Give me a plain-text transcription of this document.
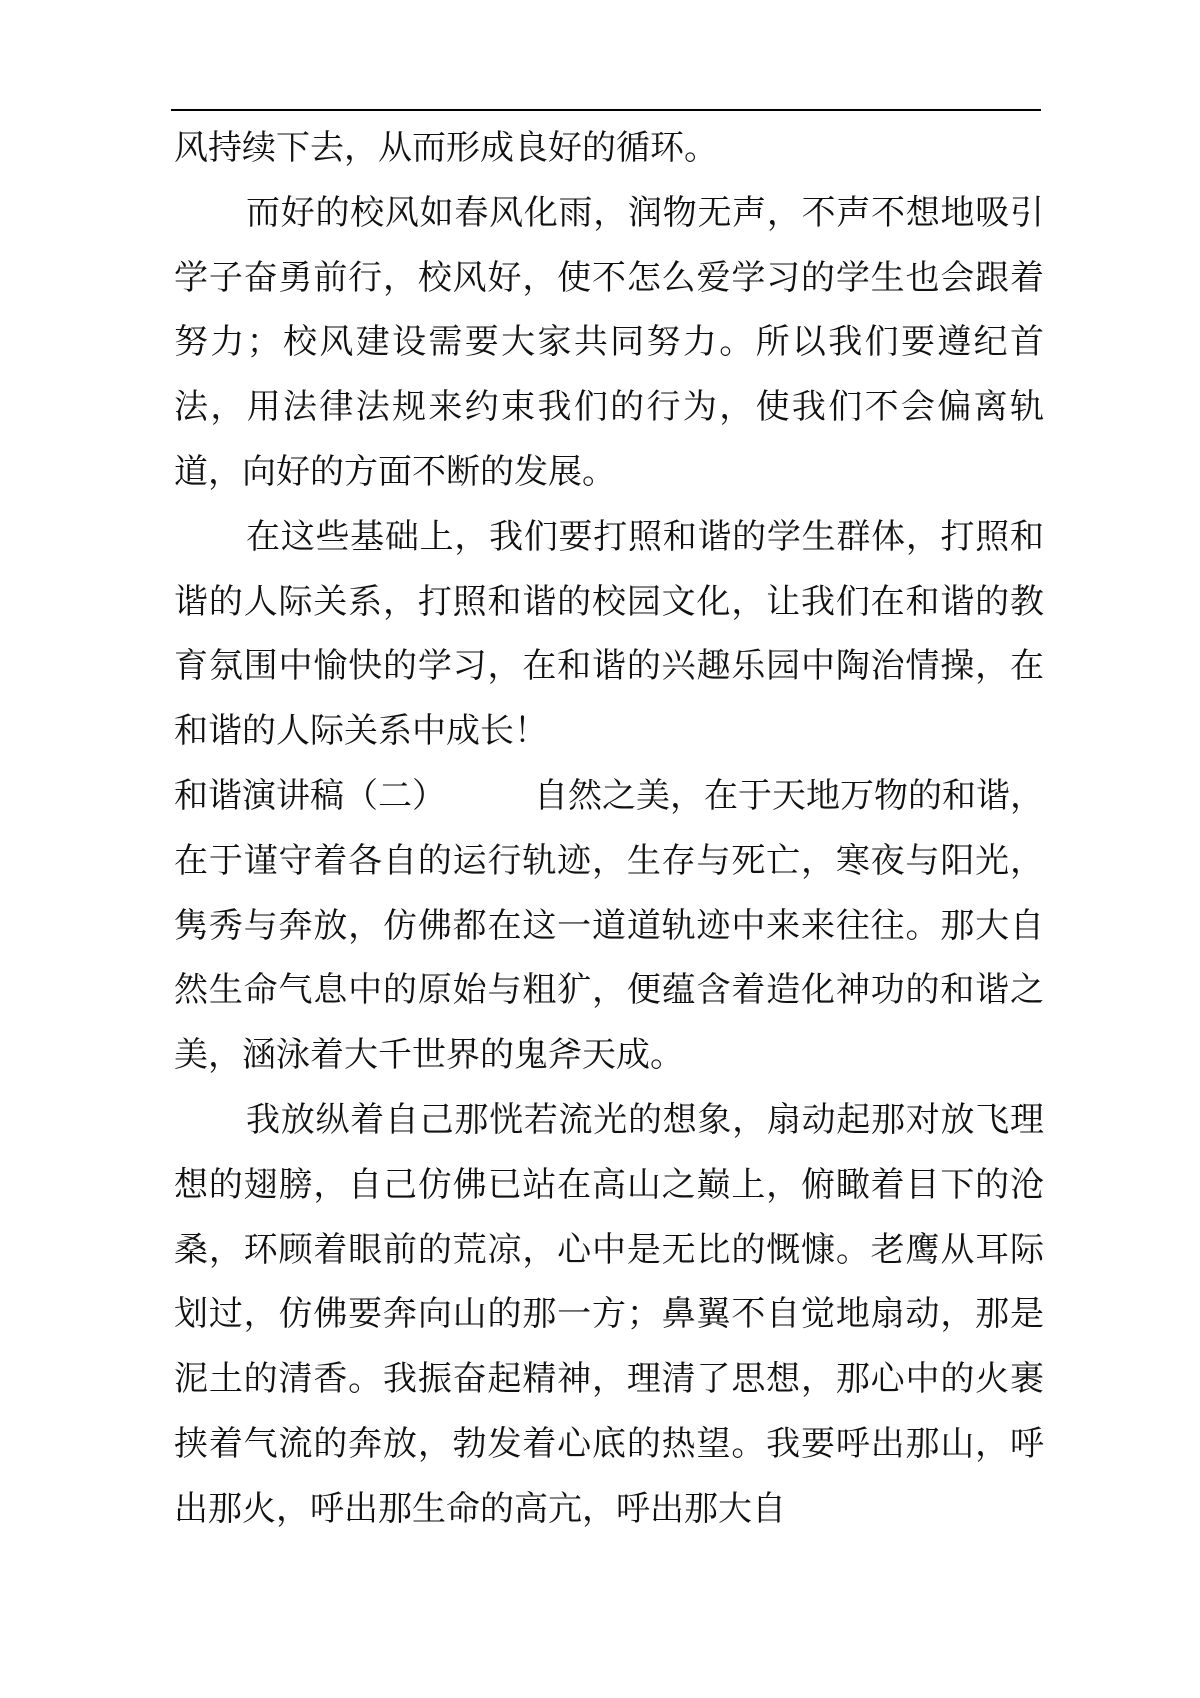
风持续下去，从而形成良好的循环。

而好的校风如春风化雨，润物无声，不声不想地吸引学子奋勇前行，校风好，使不怎么爱学习的学生也会跟着努力；校风建设需要大家共同努力。所以我们要遵纪首法，用法律法规来约束我们的行为，使我们不会偏离轨道，向好的方面不断的发展。

在这些基础上，我们要打照和谐的学生群体，打照和谐的人际关系，打照和谐的校园文化，让我们在和谐的教育氛围中愉快的学习，在和谐的兴趣乐园中陶治情操，在和谐的人际关系中成长！

和谐演讲稿（二）	自然之美，在于天地万物的和谐，在于谨守着各自的运行轨迹，生存与死亡，寒夜与阳光，隽秀与奔放，仿佛都在这一道道轨迹中来来往往。那大自然生命气息中的原始与粗犷，便蕴含着造化神功的和谐之美，涵泳着大千世界的鬼斧天成。

我放纵着自己那恍若流光的想象，扇动起那对放飞理想的翅膀，自己仿佛已站在高山之巅上，俯瞰着目下的沧桑，环顾着眼前的荒凉，心中是无比的慨慷。老鹰从耳际划过，仿佛要奔向山的那一方；鼻翼不自觉地扇动，那是泥土的清香。我振奋起精神，理清了思想，那心中的火裹挟着气流的奔放，勃发着心底的热望。我要呼出那山，呼出那火，呼出那生命的高亢，呼出那大自
